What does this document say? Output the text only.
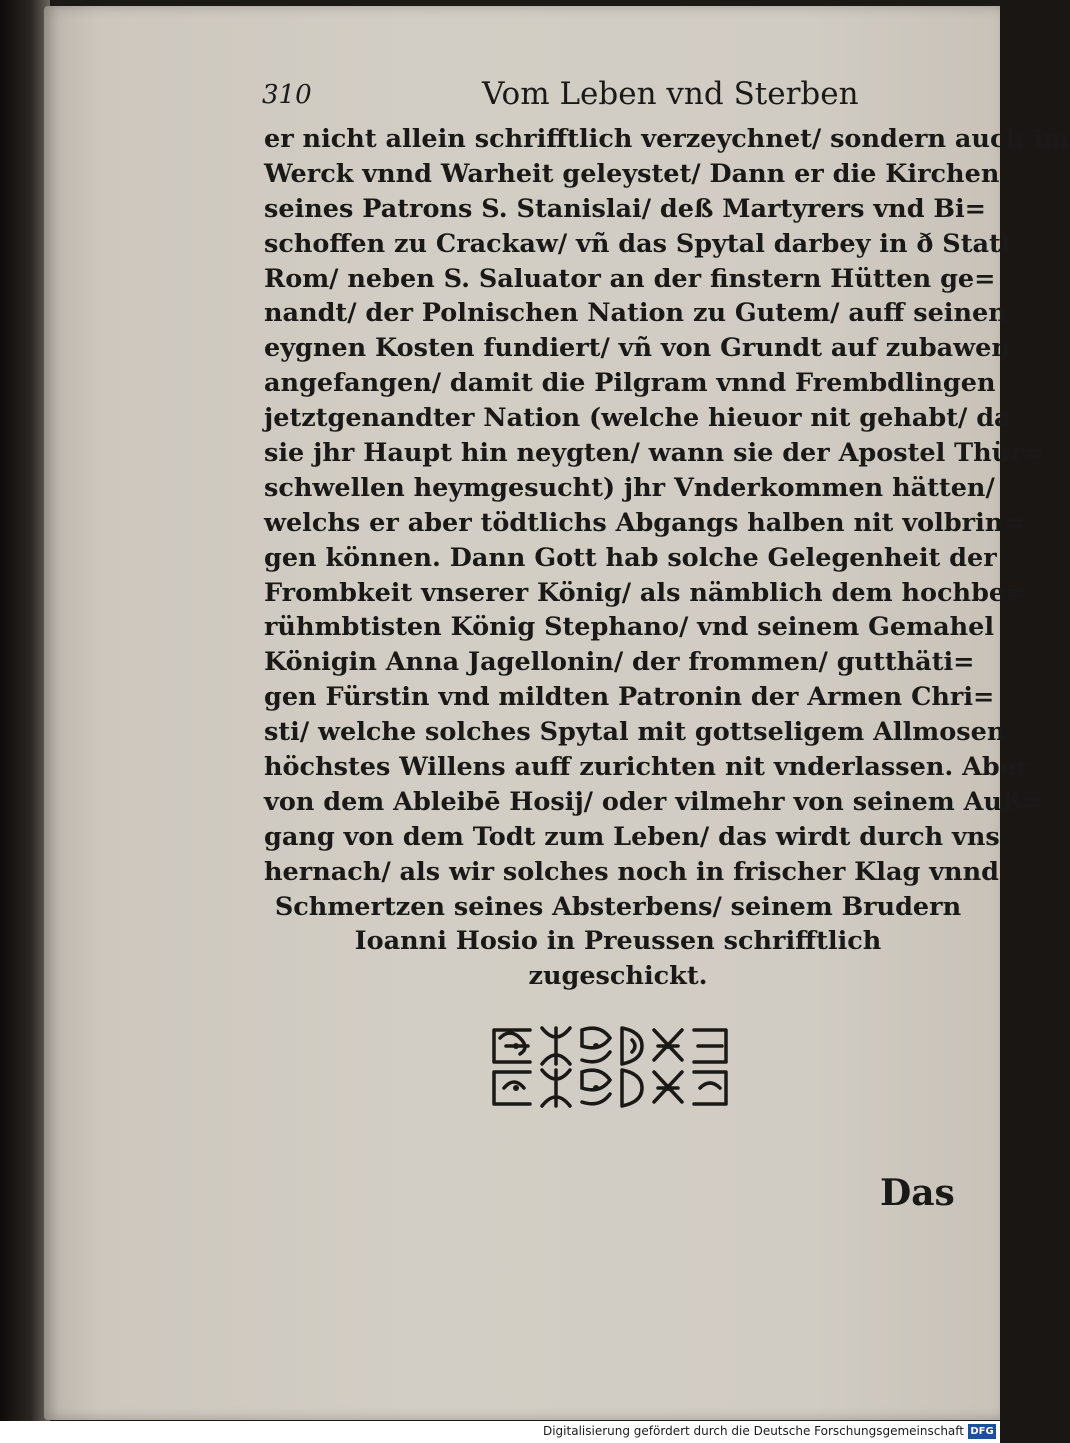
310	Vom Leben vnd Sterben
er nicht allein schrifftlich verzeychnet/ sondern auch im
Werck vnnd Warheit geleystet/ Dann er die Kirchen
seines Patrons S. Stanislai/ deß Martyrers vnd Bi=
schoffen zu Crackaw/ vñ das Spytal darbey in ð Statt
Rom/ neben S. Saluator an der finstern Hütten ge=
nandt/ der Polnischen Nation zu Gutem/ auff seinen
eygnen Kosten fundiert/ vñ von Grundt auf zubawen
angefangen/ damit die Pilgram vnnd Frembdlingen
jetztgenandter Nation (welche hieuor nit gehabt/ da
sie jhr Haupt hin neygten/ wann sie der Apostel Thür=
schwellen heymgesucht) jhr Vnderkommen hätten/
welchs er aber tödtlichs Abgangs halben nit volbrin=
gen können. Dann Gott hab solche Gelegenheit der
Frombkeit vnserer König/ als nämblich dem hochbe=
rühmbtisten König Stephano/ vnd seinem Gemahel
Königin Anna Jagellonin/ der frommen/ gutthäti=
gen Fürstin vnd mildten Patronin der Armen Chri=
sti/ welche solches Spytal mit gottseligem Allmosen
höchstes Willens auff zurichten nit vnderlassen. Aber
von dem Ableibē Hosij/ oder vilmehr von seinem Auß=
gang von dem Todt zum Leben/ das wirdt durch vns
hernach/ als wir solches noch in frischer Klag vnnd
Schmertzen seines Absterbens/ seinem Brudern
Ioanni Hosio in Preussen schrifftlich
zugeschickt.
Das
Digitalisierung gefördert durch die Deutsche Forschungsgemeinschaft DFG
